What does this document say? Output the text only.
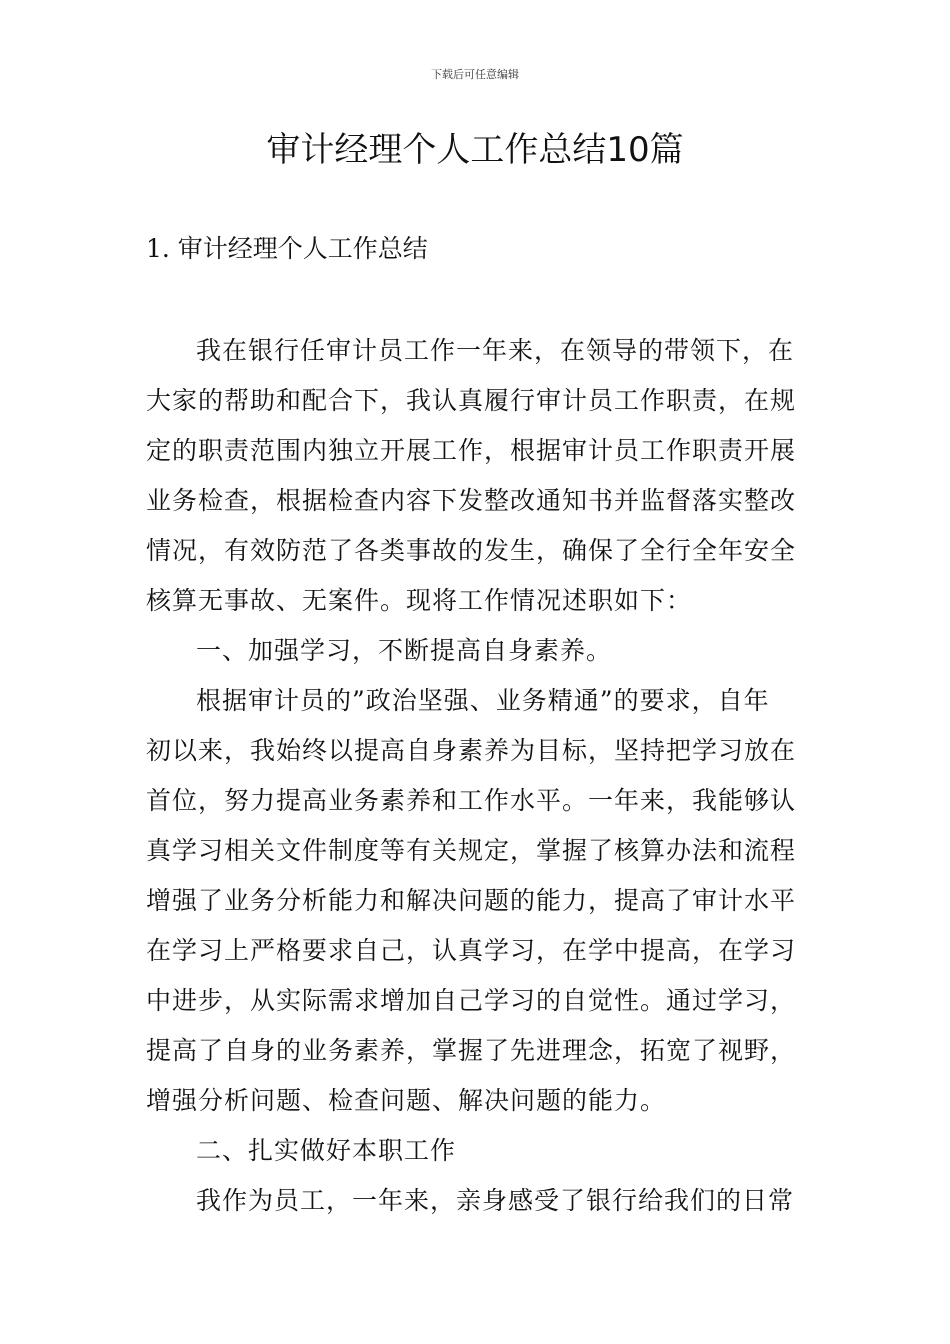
下载后可任意编辑
审计经理个人工作总结10篇
1. 审计经理个人工作总结

我在银行任审计员工作一年来，在领导的带领下，在
大家的帮助和配合下，我认真履行审计员工作职责，在规
定的职责范围内独立开展工作，根据审计员工作职责开展
业务检查，根据检查内容下发整改通知书并监督落实整改
情况，有效防范了各类事故的发生，确保了全行全年安全
核算无事故、无案件。现将工作情况述职如下：

一、加强学习，不断提高自身素养。

根据审计员的”政治坚强、业务精通”的要求，自年
初以来，我始终以提高自身素养为目标，坚持把学习放在
首位，努力提高业务素养和工作水平。一年来，我能够认
真学习相关文件制度等有关规定，掌握了核算办法和流程
增强了业务分析能力和解决问题的能力，提高了审计水平
在学习上严格要求自己，认真学习，在学中提高，在学习
中进步，从实际需求增加自己学习的自觉性。通过学习，
提高了自身的业务素养，掌握了先进理念，拓宽了视野，
增强分析问题、检查问题、解决问题的能力。

二、扎实做好本职工作

我作为员工，一年来，亲身感受了银行给我们的日常
